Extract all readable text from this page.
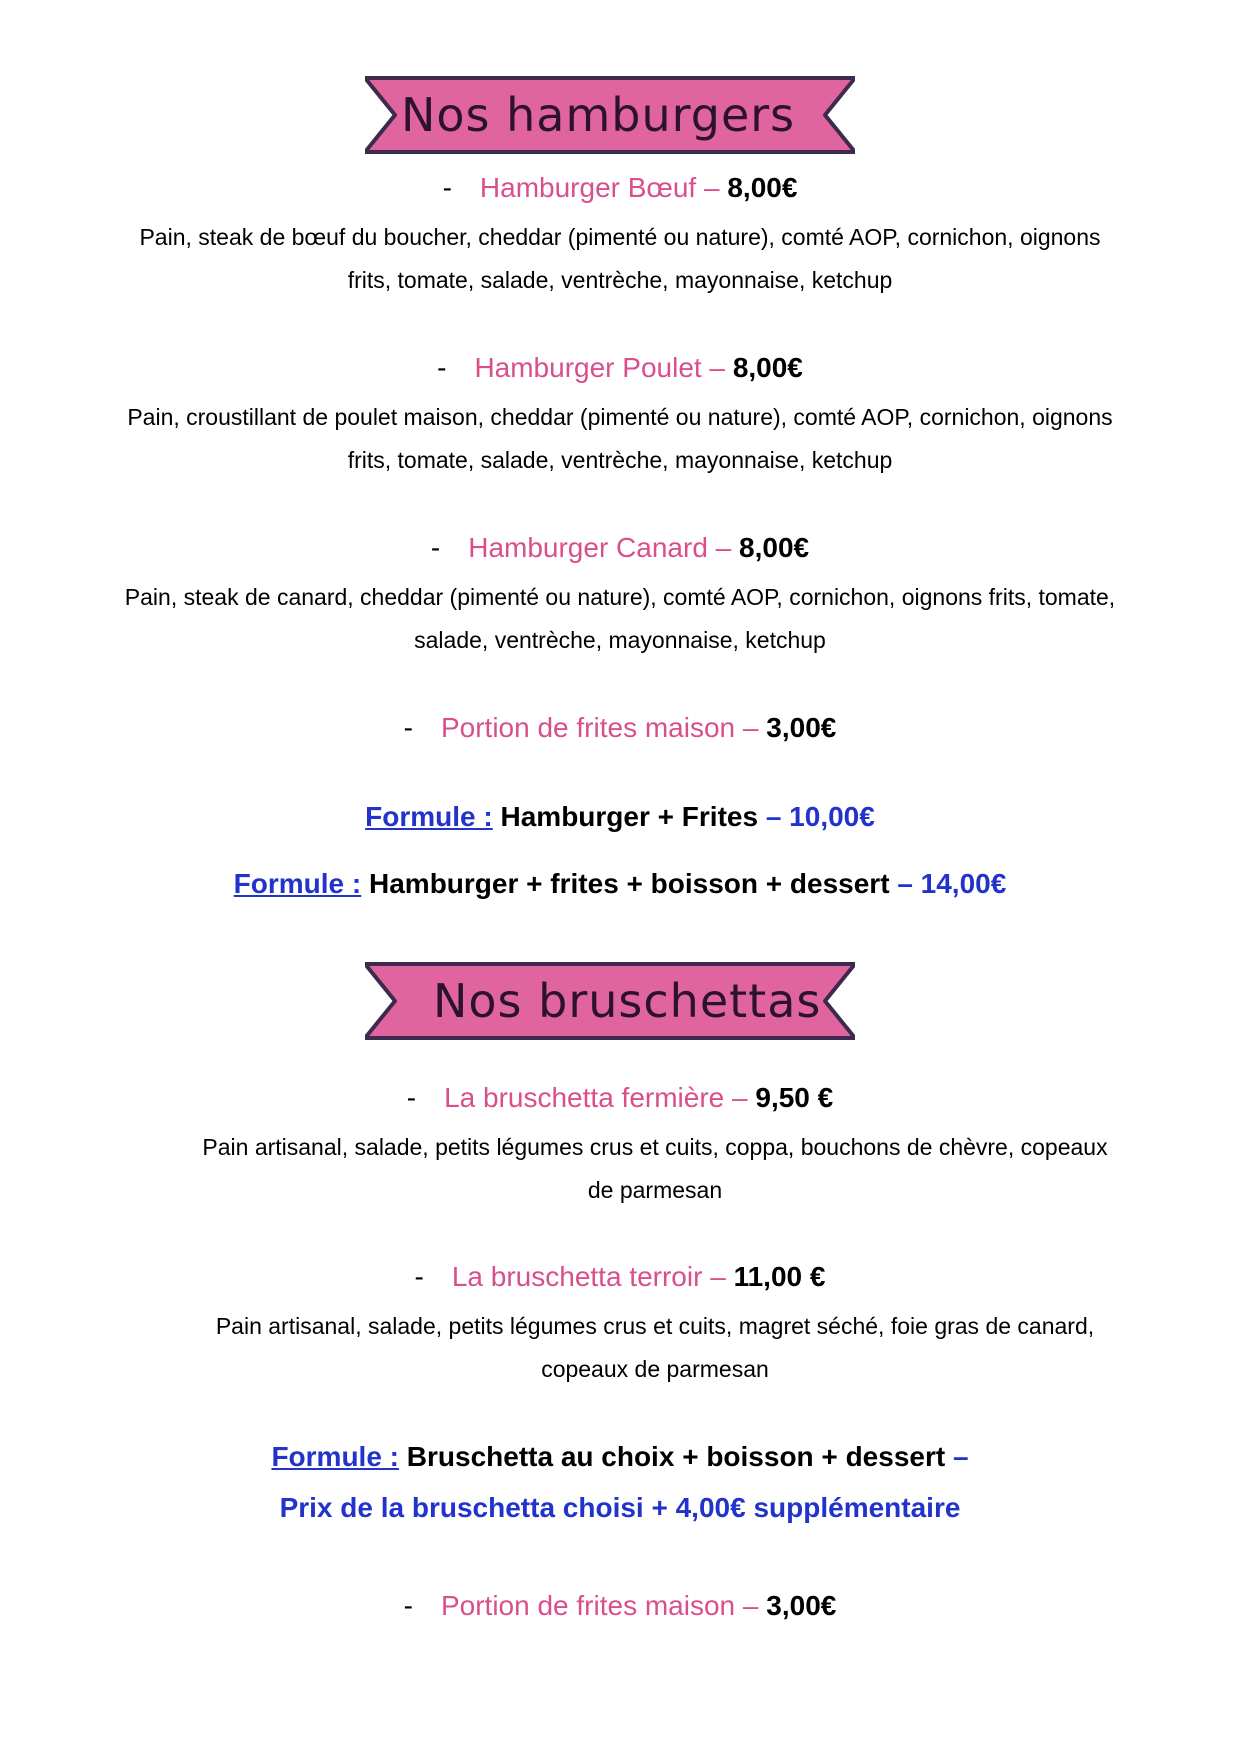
Nos hamburgers
- Hamburger Bœuf – 8,00€
Pain, steak de bœuf du boucher, cheddar (pimenté ou nature), comté AOP, cornichon, oignons
frits, tomate, salade, ventrèche, mayonnaise, ketchup
- Hamburger Poulet – 8,00€
Pain, croustillant de poulet maison, cheddar (pimenté ou nature), comté AOP, cornichon, oignons
frits, tomate, salade, ventrèche, mayonnaise, ketchup
- Hamburger Canard – 8,00€
Pain, steak de canard, cheddar (pimenté ou nature), comté AOP, cornichon, oignons frits, tomate,
salade, ventrèche, mayonnaise, ketchup
- Portion de frites maison – 3,00€
Formule : Hamburger + Frites – 10,00€
Formule : Hamburger + frites + boisson + dessert – 14,00€
Nos bruschettas
- La bruschetta fermière – 9,50 €
Pain artisanal, salade, petits légumes crus et cuits, coppa, bouchons de chèvre, copeaux
de parmesan
- La bruschetta terroir – 11,00 €
Pain artisanal, salade, petits légumes crus et cuits, magret séché, foie gras de canard,
copeaux de parmesan
Formule : Bruschetta au choix + boisson + dessert –
Prix de la bruschetta choisi + 4,00€ supplémentaire
- Portion de frites maison – 3,00€
